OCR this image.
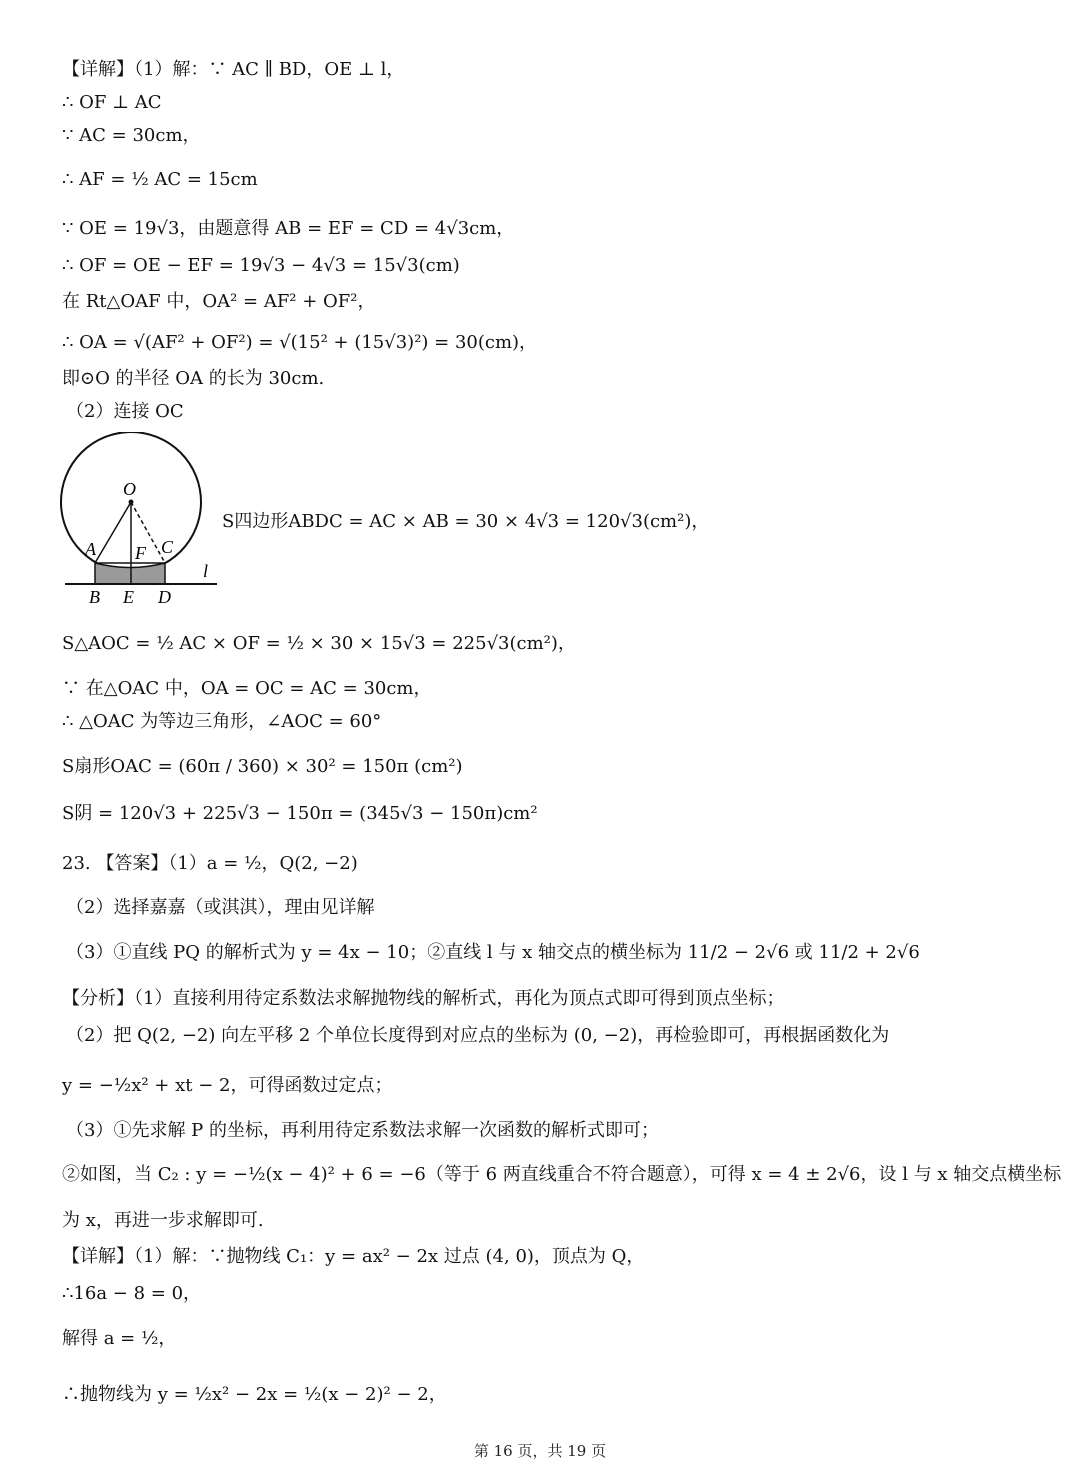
【详解】（1）解：∵ AC ∥ BD，OE ⊥ l，
∴ OF ⊥ AC
∵ AC = 30cm，
∴ AF = ½ AC = 15cm
∵ OE = 19√3，由题意得 AB = EF = CD = 4√3cm，
∴ OF = OE − EF = 19√3 − 4√3 = 15√3(cm)
在 Rt△OAF 中，OA² = AF² + OF²，
∴ OA = √(AF² + OF²) = √(15² + (15√3)²) = 30(cm)，
即⊙O 的半径 OA 的长为 30cm.
（2）连接 OC
O
A F C
l
B E D
S四边形ABDC = AC × AB = 30 × 4√3 = 120√3(cm²)，
S△AOC = ½ AC × OF = ½ × 30 × 15√3 = 225√3(cm²)，
∵ 在△OAC 中，OA = OC = AC = 30cm，
∴ △OAC 为等边三角形，∠AOC = 60°
S扇形OAC = (60π / 360) × 30² = 150π (cm²)
S阴 = 120√3 + 225√3 − 150π = (345√3 − 150π)cm²
23. 【答案】（1）a = ½，Q(2, −2)
（2）选择嘉嘉（或淇淇），理由见详解
（3）①直线 PQ 的解析式为 y = 4x − 10；②直线 l 与 x 轴交点的横坐标为 11/2 − 2√6 或 11/2 + 2√6
【分析】（1）直接利用待定系数法求解抛物线的解析式，再化为顶点式即可得到顶点坐标；
（2）把 Q(2, −2) 向左平移 2 个单位长度得到对应点的坐标为 (0, −2)，再检验即可，再根据函数化为
y = −½x² + xt − 2，可得函数过定点；
（3）①先求解 P 的坐标，再利用待定系数法求解一次函数的解析式即可；
②如图，当 C₂ : y = −½(x − 4)² + 6 = −6（等于 6 两直线重合不符合题意），可得 x = 4 ± 2√6，设 l 与 x 轴交点横坐标
为 x，再进一步求解即可.
【详解】（1）解：∵抛物线 C₁：y = ax² − 2x 过点 (4, 0)，顶点为 Q，
∴16a − 8 = 0，
解得 a = ½，
∴抛物线为 y = ½x² − 2x = ½(x − 2)² − 2，
第 16 页，共 19 页
